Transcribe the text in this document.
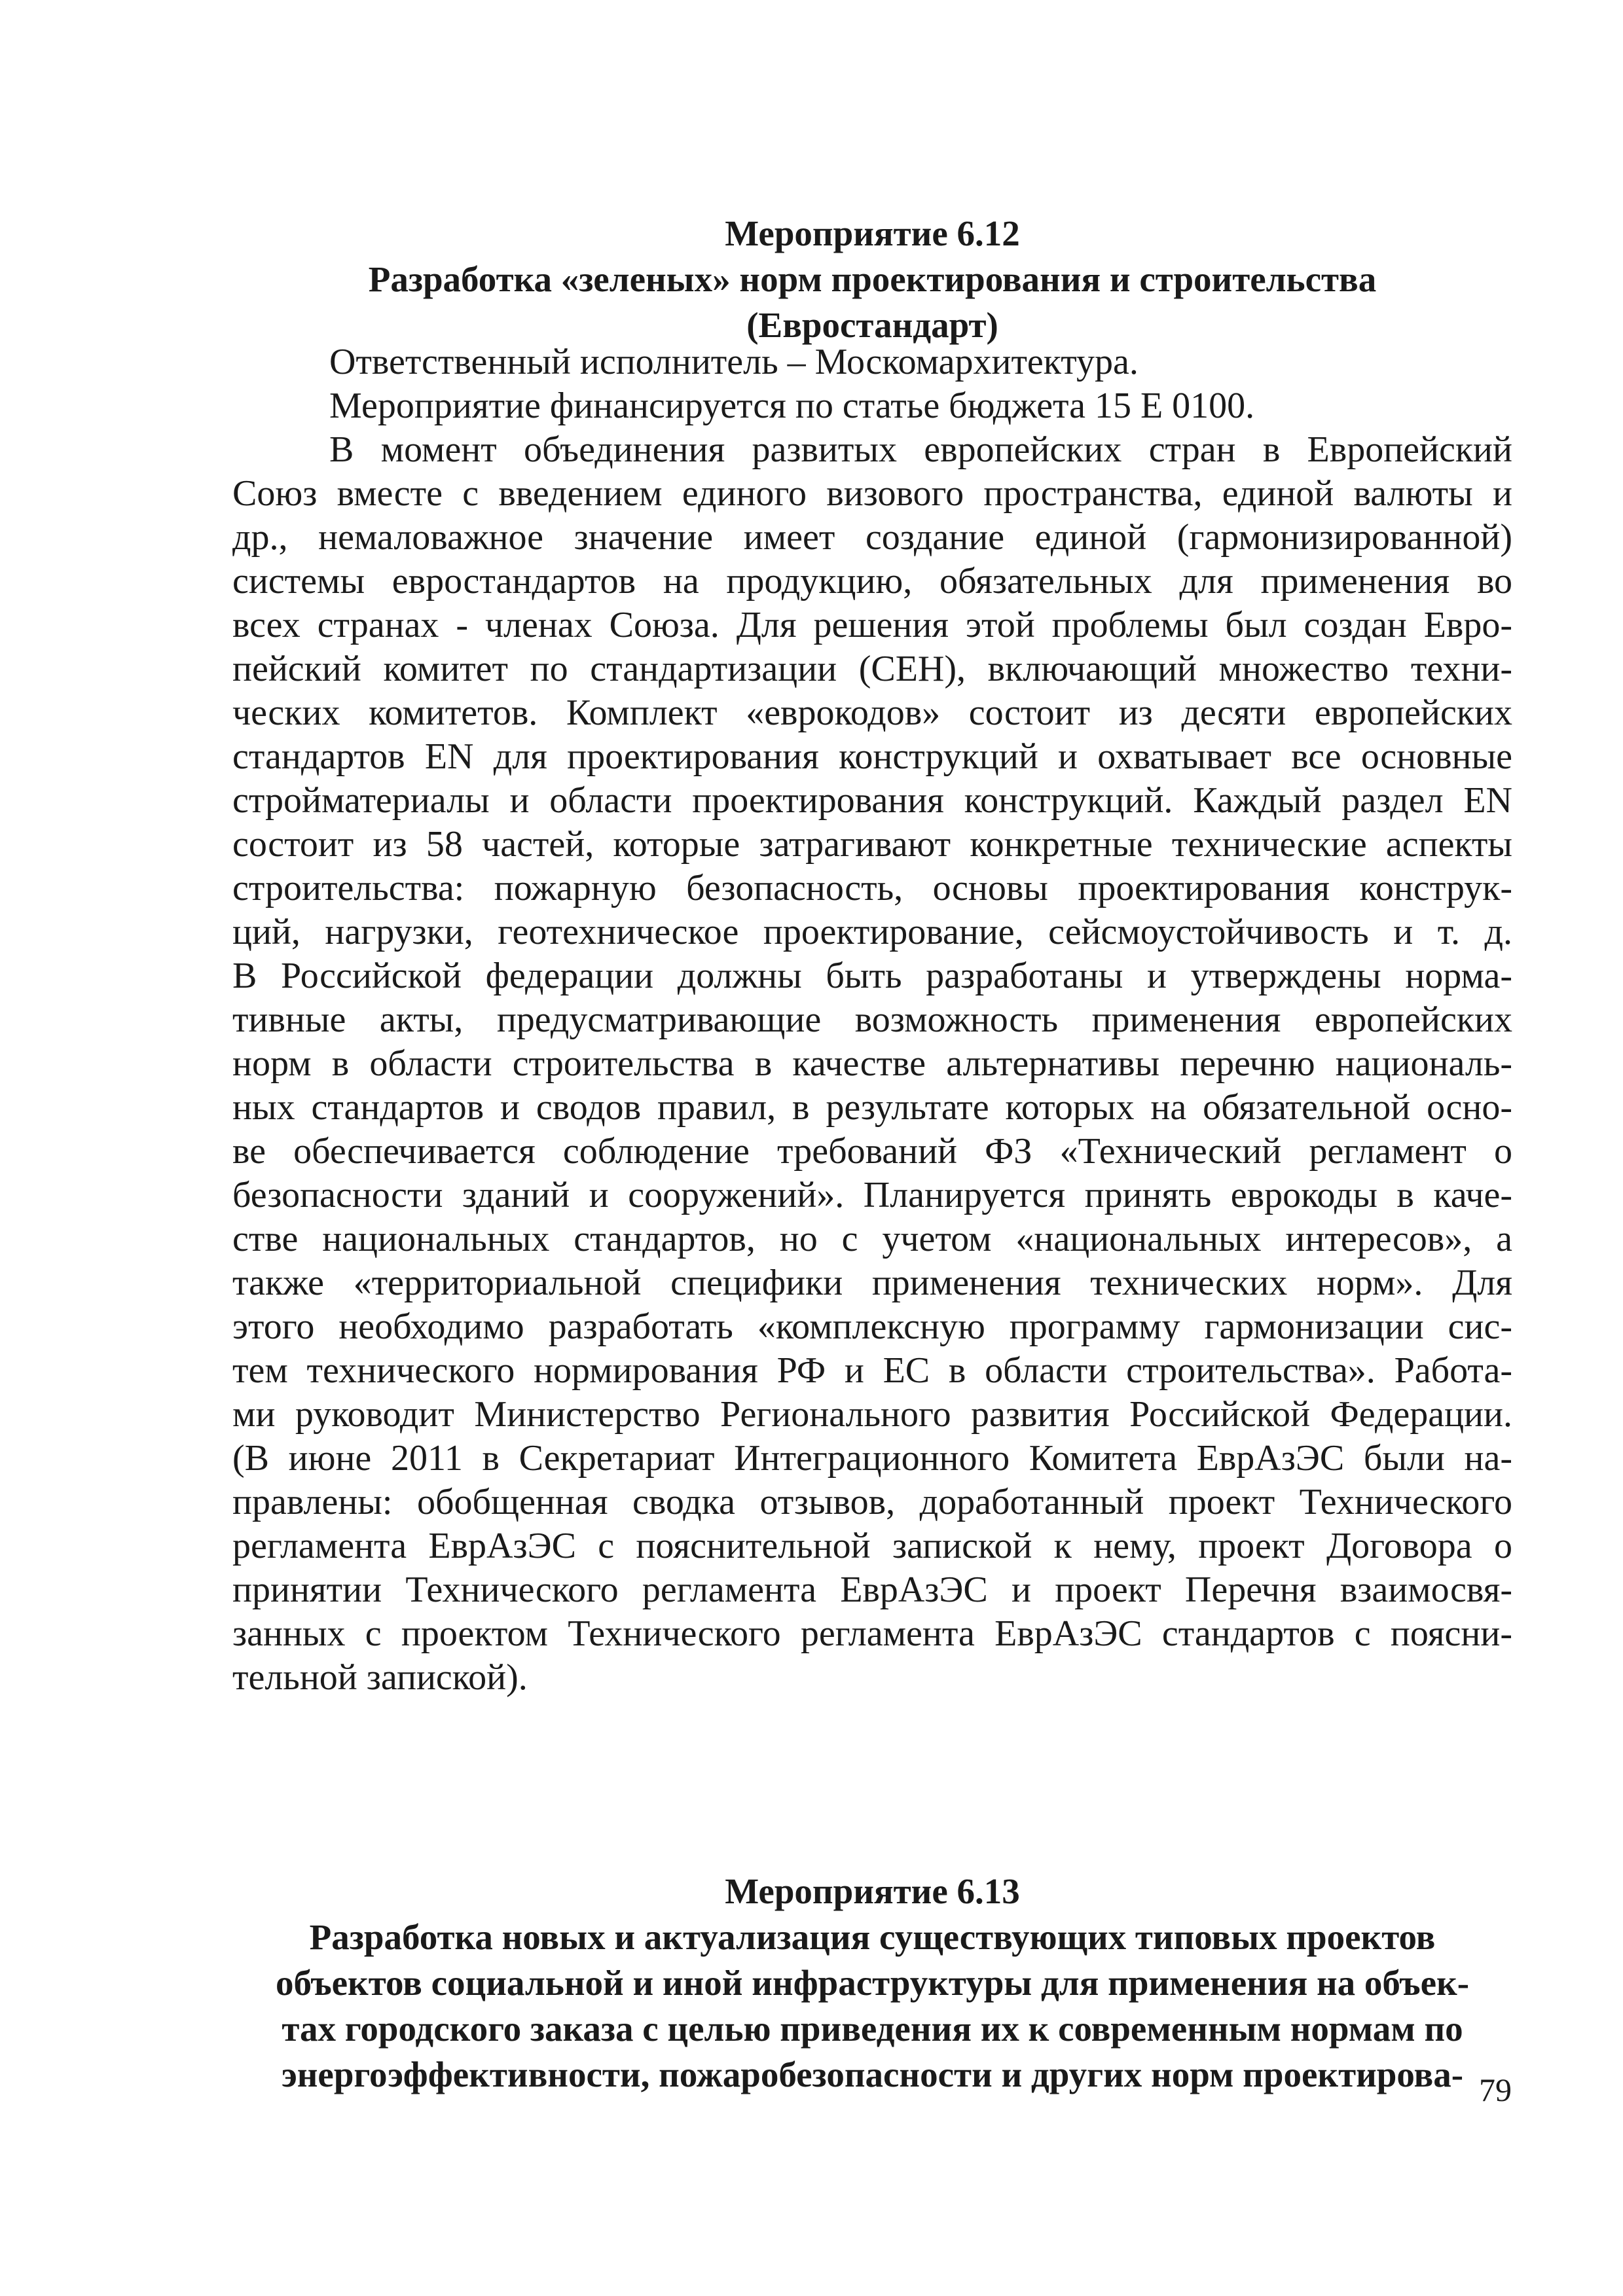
Мероприятие 6.12

Разработка «зеленых» норм проектирования и строительства

(Евростандарт)

Ответственный исполнитель – Москомархитектура.
Мероприятие финансируется по статье бюджета 15 Е 0100.
В момент объединения развитых европейских стран в Европейский
Союз вместе с введением единого визового пространства, единой валюты и
др., немаловажное значение имеет создание единой (гармонизированной)
системы евростандартов на продукцию, обязательных для применения во
всех странах - членах Союза. Для решения этой проблемы был создан Евро-
пейский комитет по стандартизации (СЕН), включающий множество техни-
ческих комитетов. Комплект «еврокодов» состоит из десяти европейских
стандартов EN для проектирования конструкций и охватывает все основные
стройматериалы и области проектирования конструкций. Каждый раздел EN
состоит из 58 частей, которые затрагивают конкретные технические аспекты
строительства: пожарную безопасность, основы проектирования конструк-
ций, нагрузки, геотехническое проектирование, сейсмоустойчивость и т. д.
В Российской федерации должны быть разработаны и утверждены норма-
тивные акты, предусматривающие возможность применения европейских
норм в области строительства в качестве альтернативы перечню националь-
ных стандартов и сводов правил, в результате которых на обязательной осно-
ве обеспечивается соблюдение требований ФЗ «Технический регламент о
безопасности зданий и сооружений». Планируется принять еврокоды в каче-
стве национальных стандартов, но с учетом «национальных интересов», а
также «территориальной специфики применения технических норм». Для
этого необходимо разработать «комплексную программу гармонизации сис-
тем технического нормирования РФ и ЕС в области строительства». Работа-
ми руководит Министерство Регионального развития Российской Федерации.
(В июне 2011 в Секретариат Интеграционного Комитета ЕврАзЭС были на-
правлены: обобщенная сводка отзывов, доработанный проект Технического
регламента ЕврАзЭС с пояснительной запиской к нему, проект Договора о
принятии Технического регламента ЕврАзЭС и проект Перечня взаимосвя-
занных с проектом Технического регламента ЕврАзЭС стандартов с поясни-
тельной запиской).

Мероприятие 6.13

Разработка новых и актуализация существующих типовых проектов

объектов социальной и иной инфраструктуры для применения на объек-

тах городского заказа с целью приведения их к современным нормам по

энергоэффективности, пожаробезопасности и других норм проектирова- 79
